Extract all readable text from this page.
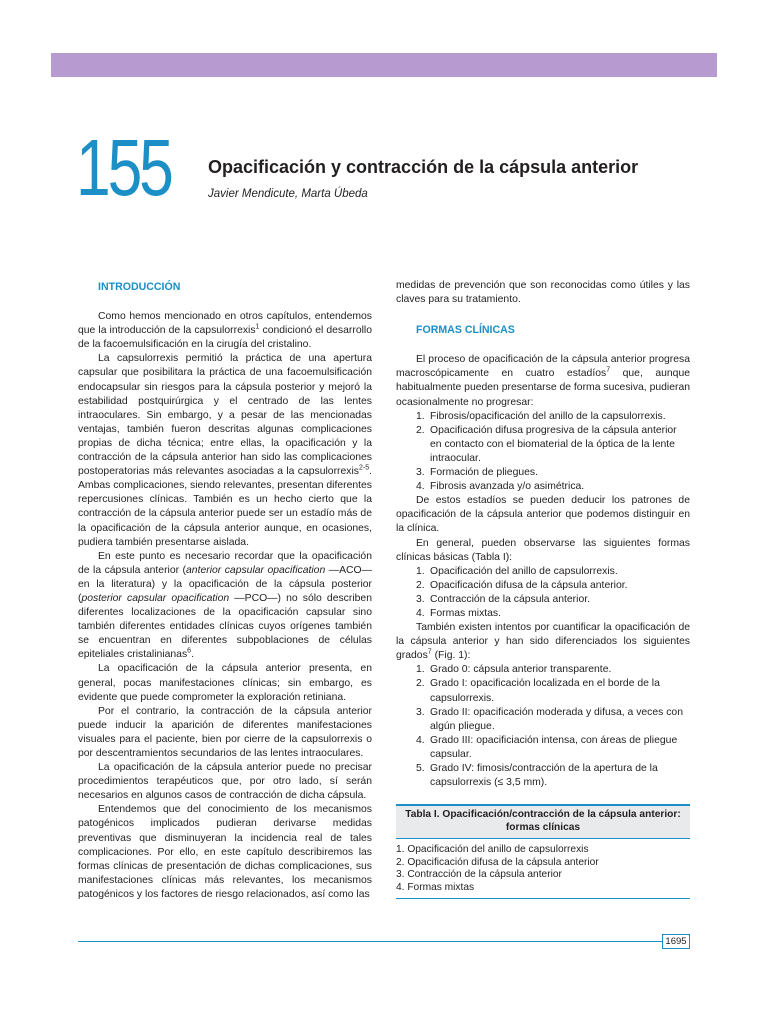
155 Opacificación y contracción de la cápsula anterior
Javier Mendicute, Marta Úbeda

INTRODUCCIÓN

Como hemos mencionado en otros capítulos, entendemos que la introducción de la capsulorrexis$^1$ condicionó el desarrollo de la facoemulsificación en la cirugía del cristalino.

La capsulorrexis permitió la práctica de una apertura capsular que posibilitara la práctica de una facoemulsificación endocapsular sin riesgos para la cápsula posterior y mejoró la estabilidad postquirúrgica y el centrado de las lentes intraoculares. Sin embargo, y a pesar de las mencionadas ventajas, también fueron descritas algunas complicaciones propias de dicha técnica; entre ellas, la opacificación y la contracción de la cápsula anterior han sido las complicaciones postoperatorias más relevantes asociadas a la capsulorrexis$^{2-5}$. Ambas complicaciones, siendo relevantes, presentan diferentes repercusiones clínicas. También es un hecho cierto que la contracción de la cápsula anterior puede ser un estadío más de la opacificación de la cápsula anterior aunque, en ocasiones, pudiera también presentarse aislada.

En este punto es necesario recordar que la opacificación de la cápsula anterior (anterior capsular opacification —ACO— en la literatura) y la opacificación de la cápsula posterior (posterior capsular opacification —PCO—) no sólo describen diferentes localizaciones de la opacificación capsular sino también diferentes entidades clínicas cuyos orígenes también se encuentran en diferentes subpoblaciones de células epiteliales cristalinianas$^6$.

La opacificación de la cápsula anterior presenta, en general, pocas manifestaciones clínicas; sin embargo, es evidente que puede comprometer la exploración retiniana.

Por el contrario, la contracción de la cápsula anterior puede inducir la aparición de diferentes manifestaciones visuales para el paciente, bien por cierre de la capsulorrexis o por descentramientos secundarios de las lentes intraoculares.

La opacificación de la cápsula anterior puede no precisar procedimientos terapéuticos que, por otro lado, sí serán necesarios en algunos casos de contracción de dicha cápsula.

Entendemos que del conocimiento de los mecanismos patogénicos implicados pudieran derivarse medidas preventivas que disminuyeran la incidencia real de tales complicaciones. Por ello, en este capítulo describiremos las formas clínicas de presentación de dichas complicaciones, sus manifestaciones clínicas más relevantes, los mecanismos patogénicos y los factores de riesgo relacionados, así como las

medidas de prevención que son reconocidas como útiles y las claves para su tratamiento.

FORMAS CLÍNICAS

El proceso de opacificación de la cápsula anterior progresa macroscópicamente en cuatro estadíos$^7$ que, aunque habitualmente pueden presentarse de forma sucesiva, pudieran ocasionalmente no progresar:

1. Fibrosis/opacificación del anillo de la capsulorrexis.
2. Opacificación difusa progresiva de la cápsula anterior en contacto con el biomaterial de la óptica de la lente intraocular.
3. Formación de pliegues.
4. Fibrosis avanzada y/o asimétrica.

De estos estadíos se pueden deducir los patrones de opacificación de la cápsula anterior que podemos distinguir en la clínica.

En general, pueden observarse las siguientes formas clínicas básicas (Tabla I):

1. Opacificación del anillo de capsulorrexis.
2. Opacificación difusa de la cápsula anterior.
3. Contracción de la cápsula anterior.
4. Formas mixtas.

También existen intentos por cuantificar la opacificación de la cápsula anterior y han sido diferenciados los siguientes grados$^7$ (Fig. 1):

1. Grado 0: cápsula anterior transparente.
2. Grado I: opacificación localizada en el borde de la capsulorrexis.
3. Grado II: opacificación moderada y difusa, a veces con algún pliegue.
4. Grado III: opacificiación intensa, con áreas de pliegue capsular.
5. Grado IV: fimosis/contracción de la apertura de la capsulorrexis (≤ 3,5 mm).
Tabla I. Opacificación/contracción de la cápsula anterior: formas clínicas
1. Opacificación del anillo de capsulorrexis
2. Opacificación difusa de la cápsula anterior
3. Contracción de la cápsula anterior
4. Formas mixtas
1695
